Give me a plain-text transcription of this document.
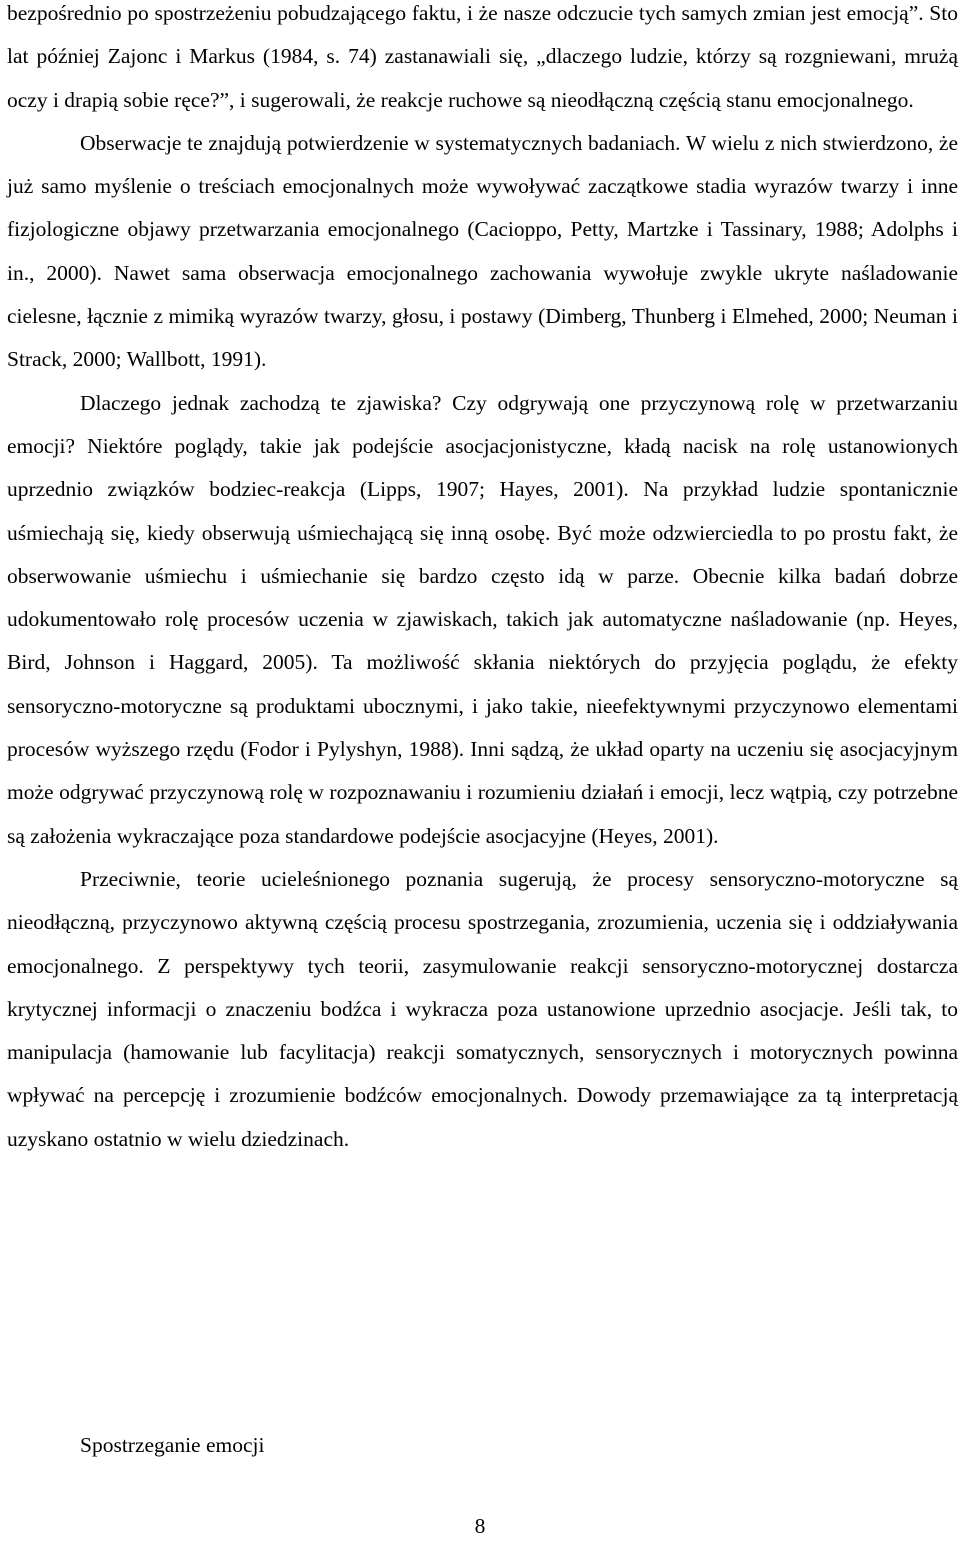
bezpośrednio po spostrzeżeniu pobudzającego faktu, i że nasze odczucie tych samych zmian jest emocją”. Sto lat później Zajonc i Markus (1984, s. 74) zastanawiali się, „dlaczego ludzie, którzy są rozgniewani, mrużą oczy i drapią sobie ręce?”, i sugerowali, że reakcje ruchowe są nieodłączną częścią stanu emocjonalnego.

Obserwacje te znajdują potwierdzenie w systematycznych badaniach. W wielu z nich stwierdzono, że już samo myślenie o treściach emocjonalnych może wywoływać zaczątkowe stadia wyrazów twarzy i inne fizjologiczne objawy przetwarzania emocjonalnego (Cacioppo, Petty, Martzke i Tassinary, 1988; Adolphs i in., 2000). Nawet sama obserwacja emocjonalnego zachowania wywołuje zwykle ukryte naśladowanie cielesne, łącznie z mimiką wyrazów twarzy, głosu, i postawy (Dimberg, Thunberg i Elmehed, 2000; Neuman i Strack, 2000; Wallbott, 1991).

Dlaczego jednak zachodzą te zjawiska? Czy odgrywają one przyczynową rolę w przetwarzaniu emocji? Niektóre poglądy, takie jak podejście asocjacjonistyczne, kładą nacisk na rolę ustanowionych uprzednio związków bodziec-reakcja (Lipps, 1907; Hayes, 2001). Na przykład ludzie spontanicznie uśmiechają się, kiedy obserwują uśmiechającą się inną osobę. Być może odzwierciedla to po prostu fakt, że obserwowanie uśmiechu i uśmiechanie się bardzo często idą w parze. Obecnie kilka badań dobrze udokumentowało rolę procesów uczenia w zjawiskach, takich jak automatyczne naśladowanie (np. Heyes, Bird, Johnson i Haggard, 2005). Ta możliwość skłania niektórych do przyjęcia poglądu, że efekty sensoryczno-motoryczne są produktami ubocznymi, i jako takie, nieefektywnymi przyczynowo elementami procesów wyższego rzędu (Fodor i Pylyshyn, 1988). Inni sądzą, że układ oparty na uczeniu się asocjacyjnym może odgrywać przyczynową rolę w rozpoznawaniu i rozumieniu działań i emocji, lecz wątpią, czy potrzebne są założenia wykraczające poza standardowe podejście asocjacyjne (Heyes, 2001).

Przeciwnie, teorie ucieleśnionego poznania sugerują, że procesy sensoryczno-motoryczne są nieodłączną, przyczynowo aktywną częścią procesu spostrzegania, zrozumienia, uczenia się i oddziaływania emocjonalnego. Z perspektywy tych teorii, zasymulowanie reakcji sensoryczno-motorycznej dostarcza krytycznej informacji o znaczeniu bodźca i wykracza poza ustanowione uprzednio asocjacje. Jeśli tak, to manipulacja (hamowanie lub facylitacja) reakcji somatycznych, sensorycznych i motorycznych powinna wpływać na percepcję i zrozumienie bodźców emocjonalnych. Dowody przemawiające za tą interpretacją uzyskano ostatnio w wielu dziedzinach.

Spostrzeganie emocji
8
